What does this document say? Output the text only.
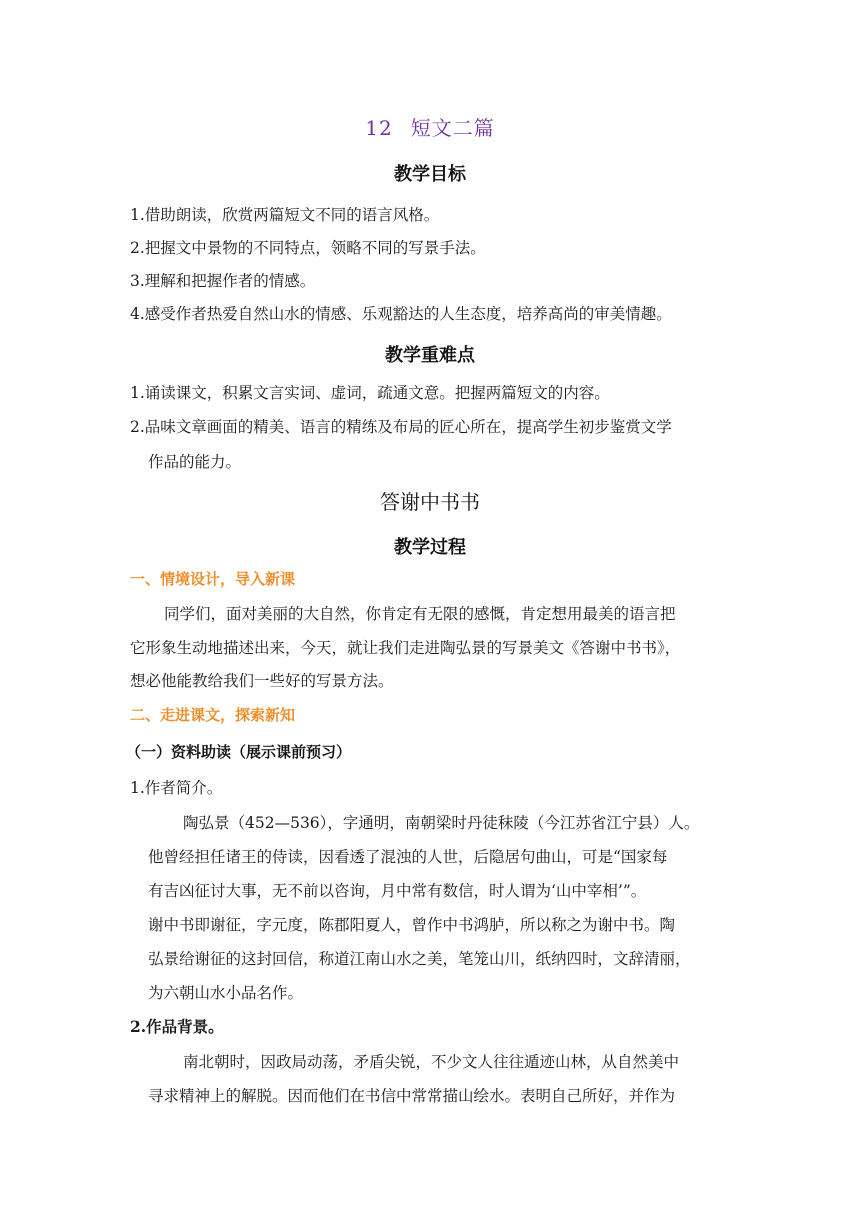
12 短文二篇
教学目标
1.借助朗读，欣赏两篇短文不同的语言风格。
2.把握文中景物的不同特点，领略不同的写景手法。
3.理解和把握作者的情感。
4.感受作者热爱自然山水的情感、乐观豁达的人生态度，培养高尚的审美情趣。
教学重难点
1.诵读课文，积累文言实词、虚词，疏通文意。把握两篇短文的内容。
2.品味文章画面的精美、语言的精练及布局的匠心所在，提高学生初步鉴赏文学
作品的能力。
答谢中书书
教学过程
一、情境设计，导入新课
同学们，面对美丽的大自然，你肯定有无限的感慨，肯定想用最美的语言把
它形象生动地描述出来，今天，就让我们走进陶弘景的写景美文《答谢中书书》，
想必他能教给我们一些好的写景方法。
二、走进课文，探索新知
（一）资料助读（展示课前预习）
1.作者简介。
陶弘景（452—536），字通明，南朝梁时丹徒秣陵（今江苏省江宁县）人。
他曾经担任诸王的侍读，因看透了混浊的人世，后隐居句曲山，可是“国家每
有吉凶征讨大事，无不前以咨询，月中常有数信，时人谓为‘山中宰相’”。
谢中书即谢征，字元度，陈郡阳夏人，曾作中书鸿胪，所以称之为谢中书。陶
弘景给谢征的这封回信，称道江南山水之美，笔笼山川，纸纳四时，文辞清丽，
为六朝山水小品名作。
2.作品背景。
南北朝时，因政局动荡，矛盾尖锐，不少文人往往遁迹山林，从自然美中
寻求精神上的解脱。因而他们在书信中常常描山绘水。表明自己所好，并作为
